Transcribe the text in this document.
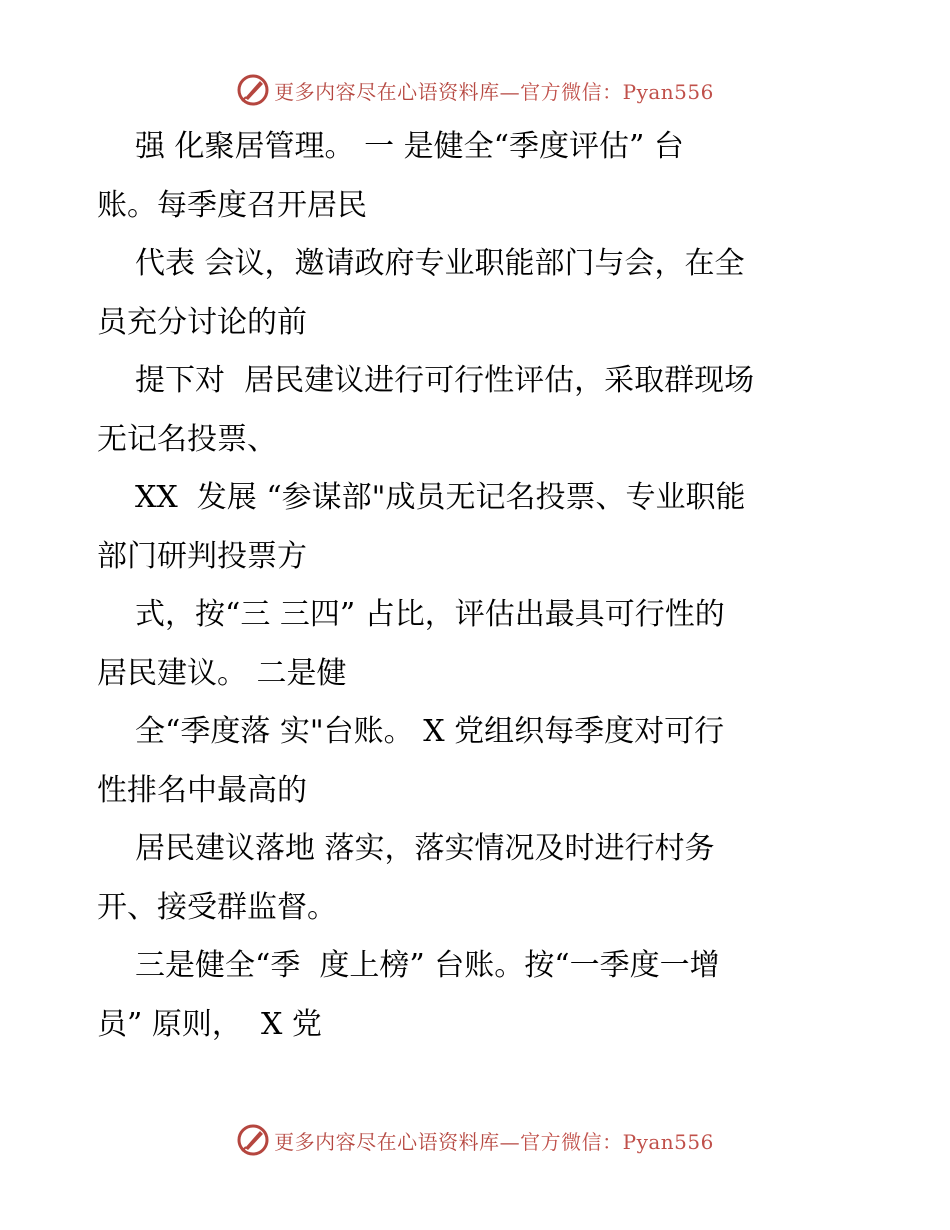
更多内容尽在心语资料库— 官方微信：Pyan556
强 化聚居管理。 一 是健全“季度评估” 台
账。每季度召开居民
代表 会议，邀请政府专业职能部门与会，在全
员充分讨论的前
提下对  居民建议进行可行性评估，采取群现场
无记名投票、
XX  发展 “参谋部"成员无记名投票、专业职能
部门研判投票方
式，按“三 三四” 占比，评估出最具可行性的
居民建议。 二是健
全“季度落 实"台账。 X 党组织每季度对可行
性排名中最高的
居民建议落地 落实，落实情况及时进行村务
开、接受群监督。
三是健全“季  度上榜” 台账。按“一季度一增
员” 原则，  X 党
更多内容尽在心语资料库— 官方微信：Pyan556
